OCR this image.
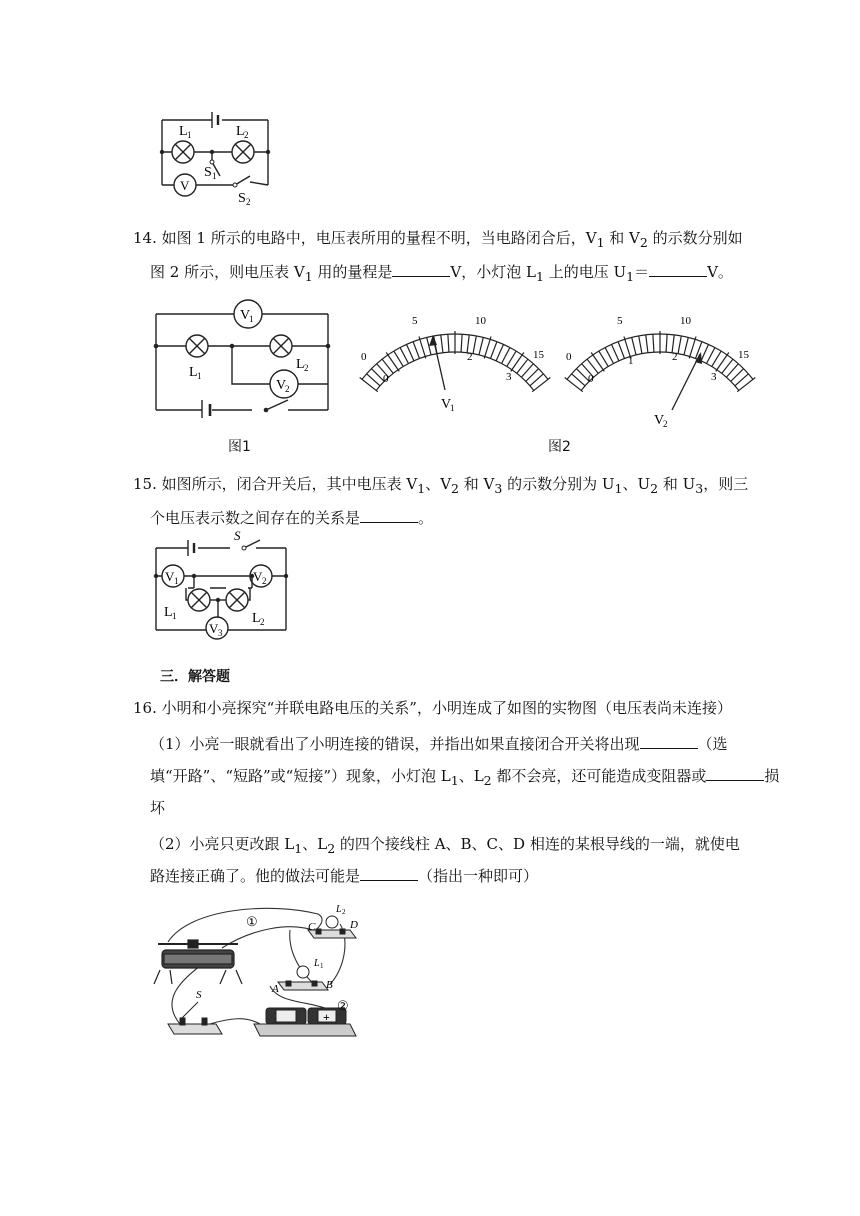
L 1	L 2
V
S 1
S 2
14. 如图 1 所示的电路中，电压表所用的量程不明，当电路闭合后，$V_1$ 和 $V_2$ 的示数分别如
图 2 所示，则电压表 $V_1$ 用的量程是	V，小灯泡 $L_1$ 上的电压 $U_1=$	V。
V
1
L 1
L 2
V
2
图1
0
5	10
15
0
2
3
V
1
0
5	10
15
0
1	2
3
V
2
图2
15. 如图所示，闭合开关后，其中电压表 $V_1$、$V_2$ 和 $V_3$ 的示数分别为 $U_1$、$U_2$ 和 $U_3$，则三
个电压表示数之间存在的关系是	。
S
V 1	V 2
V 3
L 1	L 2
三．解答题
16. 小明和小亮探究“并联电路电压的关系”，小明连成了如图的实物图（电压表尚未连接）
（1）小亮一眼就看出了小明连接的错误，并指出如果直接闭合开关将出现	（选
填“开路”、“短路”或“短接”）现象，小灯泡 $L_1$、$L_2$ 都不会亮，还可能造成变阻器或	损
坏
（2）小亮只更改跟 $L_1$、$L_2$ 的四个接线柱 A、B、C、D 相连的某根导线的一端，就使电
路连接正确了。他的做法可能是	（指出一种即可）
①
②
C	D
L 2
A	B
L 1
S
+
